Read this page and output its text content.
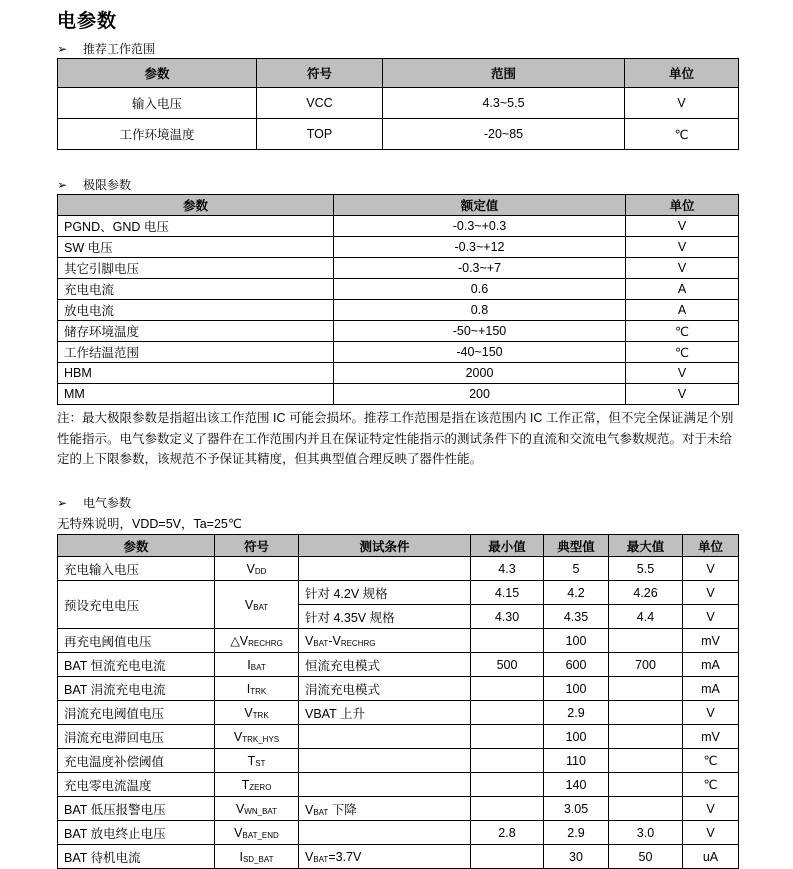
电参数
➢ 推荐工作范围
参数	符号	范围	单位
输入电压	VCC	4.3~5.5	V
工作环境温度	TOP	-20~85	℃
➢ 极限参数
参数	额定值	单位
PGND、GND 电压	-0.3~+0.3	V
SW 电压	-0.3~+12	V
其它引脚电压	-0.3~+7	V
充电电流	0.6	A
放电电流	0.8	A
储存环境温度	-50~+150	℃
工作结温范围	-40~150	℃
HBM	2000	V
MM	200	V
注：最大极限参数是指超出该工作范围 IC 可能会损坏。推荐工作范围是指在该范围内 IC 工作正常，但不完全保证满足个别性能指示。电气参数定义了器件在工作范围内并且在保证特定性能指示的测试条件下的直流和交流电气参数规范。对于未给定的上下限参数，该规范不予保证其精度，但其典型值合理反映了器件性能。
➢ 电气参数
无特殊说明，VDD=5V，Ta=25℃
参数	符号	测试条件	最小值	典型值	最大值	单位
充电输入电压	$V_{DD}$		4.3	5	5.5	V
预设充电电压	$V_{BAT}$	针对 4.2V 规格	4.15	4.2	4.26	V
		针对 4.35V 规格	4.30	4.35	4.4	V
再充电阈值电压	$\triangle V_{RECHRG}$	$V_{BAT}-V_{RECHRG}$		100		mV
BAT 恒流充电电流	$I_{BAT}$	恒流充电模式	500	600	700	mA
BAT 涓流充电电流	$I_{TRK}$	涓流充电模式		100		mA
涓流充电阈值电压	$V_{TRK}$	VBAT 上升		2.9		V
涓流充电滞回电压	$V_{TRK\_HYS}$			100		mV
充电温度补偿阈值	$T_{ST}$			110		℃
充电零电流温度	$T_{ZERO}$			140		℃
BAT 低压报警电压	$V_{WN\_BAT}$	$V_{BAT}$ 下降		3.05		V
BAT 放电终止电压	$V_{BAT\_END}$		2.8	2.9	3.0	V
BAT 待机电流	$I_{SD\_BAT}$	$V_{BAT}=3.7V$		30	50	uA
